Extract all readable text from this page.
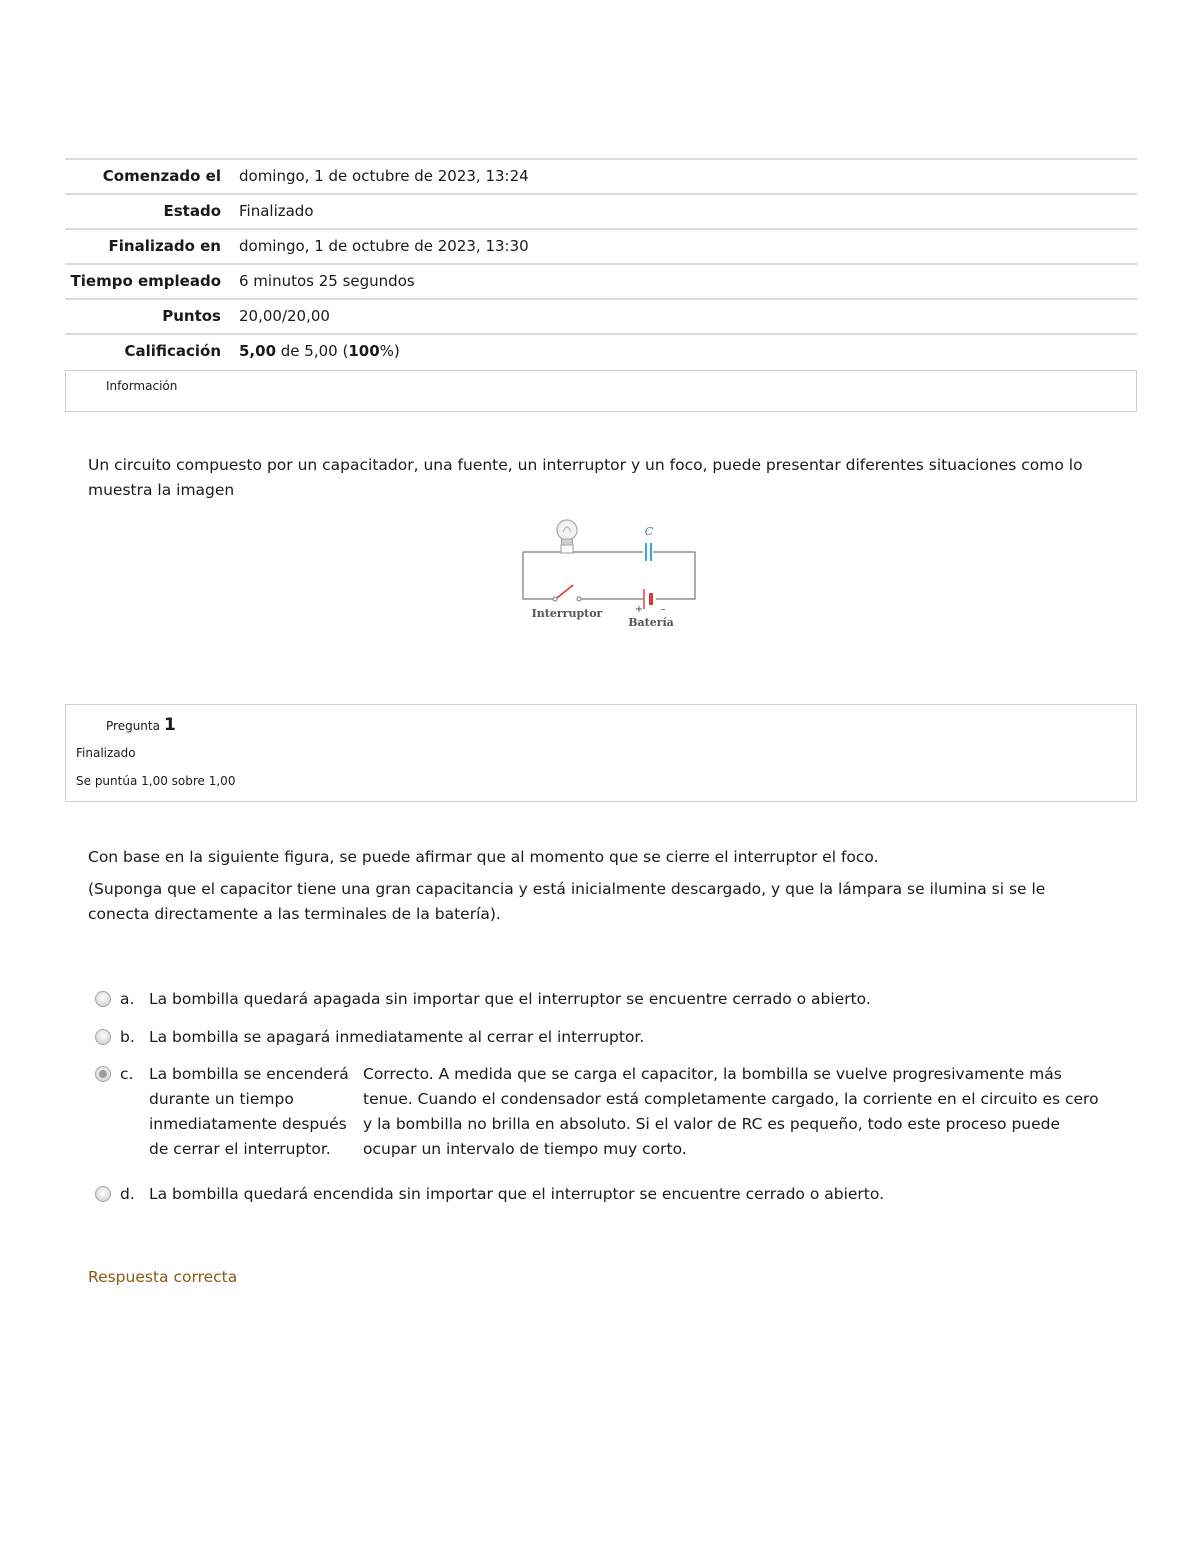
Comenzado el	domingo, 1 de octubre de 2023, 13:24
Estado	Finalizado
Finalizado en	domingo, 1 de octubre de 2023, 13:30
Tiempo empleado	6 minutos 25 segundos
Puntos	20,00/20,00
Calificación	5,00 de 5,00 (100%)
Información
Un circuito compuesto por un capacitador, una fuente, un interruptor y un foco, puede presentar diferentes situaciones como lo muestra la imagen
C
Interruptor	+ –
Batería
Pregunta 1
Finalizado
Se puntúa 1,00 sobre 1,00
Con base en la siguiente figura, se puede afirmar que al momento que se cierre el interruptor el foco.
(Suponga que el capacitor tiene una gran capacitancia y está inicialmente descargado, y que la lámpara se ilumina si se le conecta directamente a las terminales de la batería).
a. La bombilla quedará apagada sin importar que el interruptor se encuentre cerrado o abierto.
b. La bombilla se apagará inmediatamente al cerrar el interruptor.
c. La bombilla se encenderá durante un tiempo inmediatamente después de cerrar el interruptor.
Correcto. A medida que se carga el capacitor, la bombilla se vuelve progresivamente más tenue. Cuando el condensador está completamente cargado, la corriente en el circuito es cero y la bombilla no brilla en absoluto. Si el valor de RC es pequeño, todo este proceso puede ocupar un intervalo de tiempo muy corto.
d. La bombilla quedará encendida sin importar que el interruptor se encuentre cerrado o abierto.
Respuesta correcta
